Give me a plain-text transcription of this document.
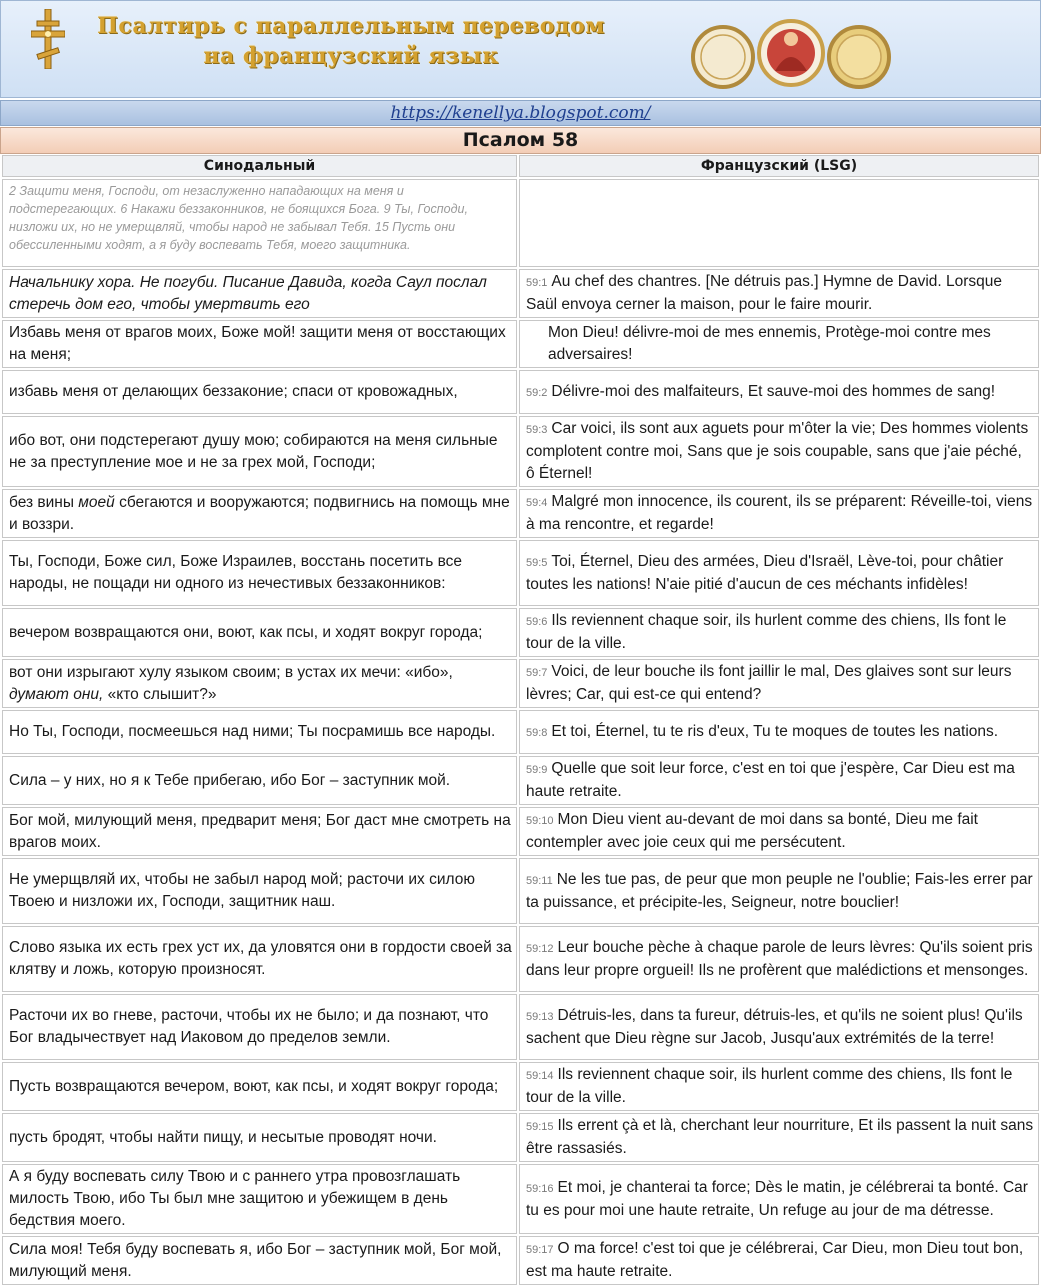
Псалтирь с параллельным переводом
на французский язык
https://kenellya.blogspot.com/
Псалом 58
Синодальный	Французский (LSG)
2 Защити меня, Господи, от незаслуженно нападающих на меня и подстерегающих. 6 Накажи беззаконников, не боящихся Бога. 9 Ты, Господи, низложи их, но не умерщвляй, чтобы народ не забывал Тебя. 15 Пусть они обессиленными ходят, а я буду воспевать Тебя, моего защитника.	
Начальнику хора. Не погуби. Писание Давида, когда Саул послал стеречь дом его, чтобы умертвить его	59:1 Au chef des chantres. [Ne détruis pas.] Hymne de David. Lorsque Saül envoya cerner la maison, pour le faire mourir.
Избавь меня от врагов моих, Боже мой! защити меня от восстающих на меня;	Mon Dieu! délivre-moi de mes ennemis, Protège-moi contre mes adversaires!
избавь меня от делающих беззаконие; спаси от кровожадных,	59:2 Délivre-moi des malfaiteurs, Et sauve-moi des hommes de sang!
ибо вот, они подстерегают душу мою; собираются на меня сильные не за преступление мое и не за грех мой, Господи;	59:3 Car voici, ils sont aux aguets pour m'ôter la vie; Des hommes violents complotent contre moi, Sans que je sois coupable, sans que j'aie péché, ô Éternel!
без вины моей сбегаются и вооружаются; подвигнись на помощь мне и воззри.	59:4 Malgré mon innocence, ils courent, ils se préparent: Réveille-toi, viens à ma rencontre, et regarde!
Ты, Господи, Боже сил, Боже Израилев, восстань посетить все народы, не пощади ни одного из нечестивых беззаконников:	59:5 Toi, Éternel, Dieu des armées, Dieu d'Israël, Lève-toi, pour châtier toutes les nations! N'aie pitié d'aucun de ces méchants infidèles!
вечером возвращаются они, воют, как псы, и ходят вокруг города;	59:6 Ils reviennent chaque soir, ils hurlent comme des chiens, Ils font le tour de la ville.
вот они изрыгают хулу языком своим; в устах их мечи: «ибо», думают они, «кто слышит?»	59:7 Voici, de leur bouche ils font jaillir le mal, Des glaives sont sur leurs lèvres; Car, qui est-ce qui entend?
Но Ты, Господи, посмеешься над ними; Ты посрамишь все народы.	59:8 Et toi, Éternel, tu te ris d'eux, Tu te moques de toutes les nations.
Сила – у них, но я к Тебе прибегаю, ибо Бог – заступник мой.	59:9 Quelle que soit leur force, c'est en toi que j'espère, Car Dieu est ma haute retraite.
Бог мой, милующий меня, предварит меня; Бог даст мне смотреть на врагов моих.	59:10 Mon Dieu vient au-devant de moi dans sa bonté, Dieu me fait contempler avec joie ceux qui me persécutent.
Не умерщвляй их, чтобы не забыл народ мой; расточи их силою Твоею и низложи их, Господи, защитник наш.	59:11 Ne les tue pas, de peur que mon peuple ne l'oublie; Fais-les errer par ta puissance, et précipite-les, Seigneur, notre bouclier!
Слово языка их есть грех уст их, да уловятся они в гордости своей за клятву и ложь, которую произносят.	59:12 Leur bouche pèche à chaque parole de leurs lèvres: Qu'ils soient pris dans leur propre orgueil! Ils ne profèrent que malédictions et mensonges.
Расточи их во гневе, расточи, чтобы их не было; и да познают, что Бог владычествует над Иаковом до пределов земли.	59:13 Détruis-les, dans ta fureur, détruis-les, et qu'ils ne soient plus! Qu'ils sachent que Dieu règne sur Jacob, Jusqu'aux extrémités de la terre!
Пусть возвращаются вечером, воют, как псы, и ходят вокруг города;	59:14 Ils reviennent chaque soir, ils hurlent comme des chiens, Ils font le tour de la ville.
пусть бродят, чтобы найти пищу, и несытые проводят ночи.	59:15 Ils errent çà et là, cherchant leur nourriture, Et ils passent la nuit sans être rassasiés.
А я буду воспевать силу Твою и с раннего утра провозглашать милость Твою, ибо Ты был мне защитою и убежищем в день бедствия моего.	59:16 Et moi, je chanterai ta force; Dès le matin, je célébrerai ta bonté. Car tu es pour moi une haute retraite, Un refuge au jour de ma détresse.
Сила моя! Тебя буду воспевать я, ибо Бог – заступник мой, Бог мой, милующий меня.	59:17 O ma force! c'est toi que je célébrerai, Car Dieu, mon Dieu tout bon, est ma haute retraite.
